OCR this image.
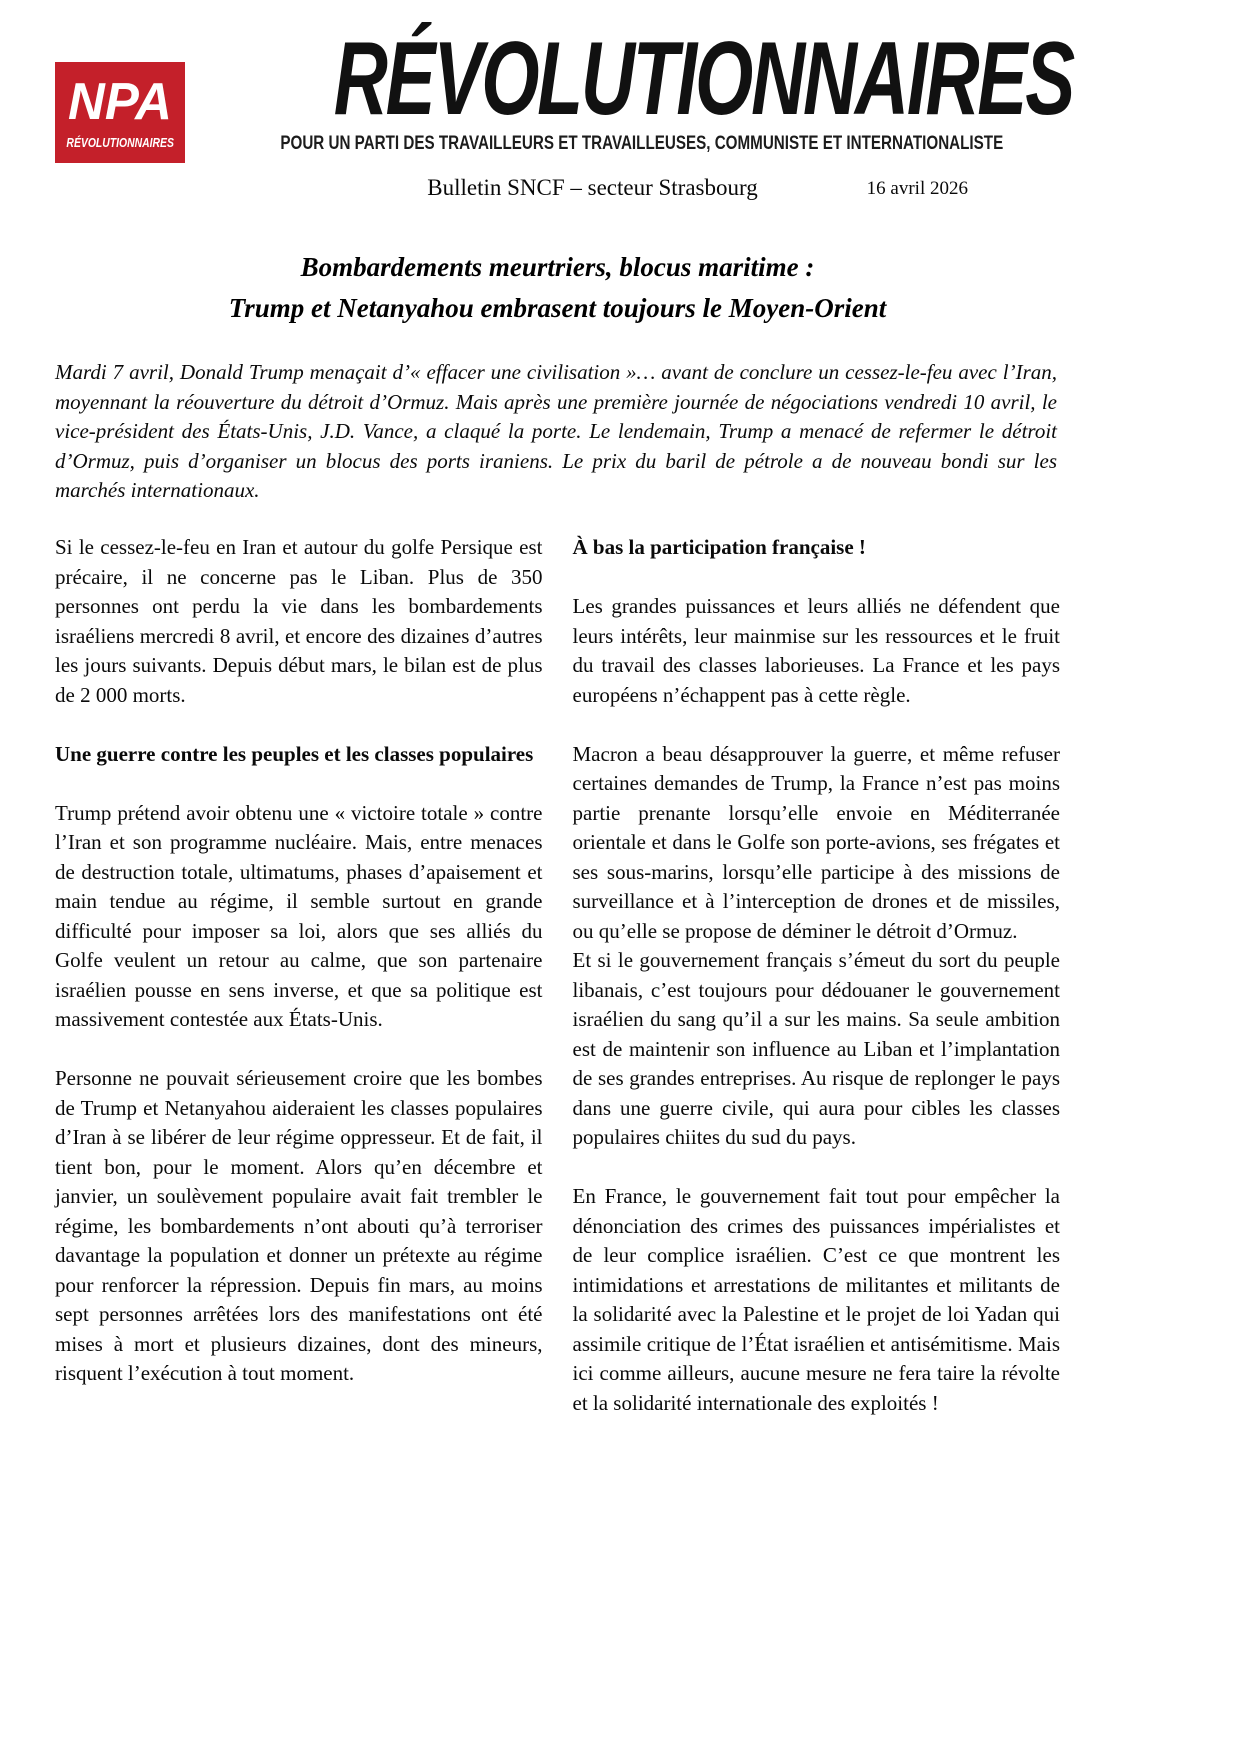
NPA
RÉVOLUTIONNAIRES
RÉVOLUTIONNAIRES
POUR UN PARTI DES TRAVAILLEURS ET TRAVAILLEUSES, COMMUNISTE ET INTERNATIONALISTE
Bulletin SNCF – secteur Strasbourg	16 avril 2026
Bombardements meurtriers, blocus maritime :
Trump et Netanyahou embrasent toujours le Moyen-Orient

Mardi 7 avril, Donald Trump menaçait d’« effacer une civilisation »… avant de conclure un cessez-le-feu avec l’Iran, moyennant la réouverture du détroit d’Ormuz. Mais après une première journée de négociations vendredi 10 avril, le vice-président des États-Unis, J.D. Vance, a claqué la porte. Le lendemain, Trump a menacé de refermer le détroit d’Ormuz, puis d’organiser un blocus des ports iraniens. Le prix du baril de pétrole a de nouveau bondi sur les marchés internationaux.

Si le cessez-le-feu en Iran et autour du golfe Persique est précaire, il ne concerne pas le Liban. Plus de 350 personnes ont perdu la vie dans les bombardements israéliens mercredi 8 avril, et encore des dizaines d’autres les jours suivants. Depuis début mars, le bilan est de plus de 2 000 morts.

Une guerre contre les peuples et les classes populaires

Trump prétend avoir obtenu une « victoire totale » contre l’Iran et son programme nucléaire. Mais, entre menaces de destruction totale, ultimatums, phases d’apaisement et main tendue au régime, il semble surtout en grande difficulté pour imposer sa loi, alors que ses alliés du Golfe veulent un retour au calme, que son partenaire israélien pousse en sens inverse, et que sa politique est massivement contestée aux États-Unis.

Personne ne pouvait sérieusement croire que les bombes de Trump et Netanyahou aideraient les classes populaires d’Iran à se libérer de leur régime oppresseur. Et de fait, il tient bon, pour le moment. Alors qu’en décembre et janvier, un soulèvement populaire avait fait trembler le régime, les bombardements n’ont abouti qu’à terroriser davantage la population et donner un prétexte au régime pour renforcer la répression. Depuis fin mars, au moins sept personnes arrêtées lors des manifestations ont été mises à mort et plusieurs dizaines, dont des mineurs, risquent l’exécution à tout moment.

À bas la participation française !

Les grandes puissances et leurs alliés ne défendent que leurs intérêts, leur mainmise sur les ressources et le fruit du travail des classes laborieuses. La France et les pays européens n’échappent pas à cette règle.

Macron a beau désapprouver la guerre, et même refuser certaines demandes de Trump, la France n’est pas moins partie prenante lorsqu’elle envoie en Méditerranée orientale et dans le Golfe son porte-avions, ses frégates et ses sous-marins, lorsqu’elle participe à des missions de surveillance et à l’interception de drones et de missiles, ou qu’elle se propose de déminer le détroit d’Ormuz.

Et si le gouvernement français s’émeut du sort du peuple libanais, c’est toujours pour dédouaner le gouvernement israélien du sang qu’il a sur les mains. Sa seule ambition est de maintenir son influence au Liban et l’implantation de ses grandes entreprises. Au risque de replonger le pays dans une guerre civile, qui aura pour cibles les classes populaires chiites du sud du pays.

En France, le gouvernement fait tout pour empêcher la dénonciation des crimes des puissances impérialistes et de leur complice israélien. C’est ce que montrent les intimidations et arrestations de militantes et militants de la solidarité avec la Palestine et le projet de loi Yadan qui assimile critique de l’État israélien et antisémitisme. Mais ici comme ailleurs, aucune mesure ne fera taire la révolte et la solidarité internationale des exploités !
